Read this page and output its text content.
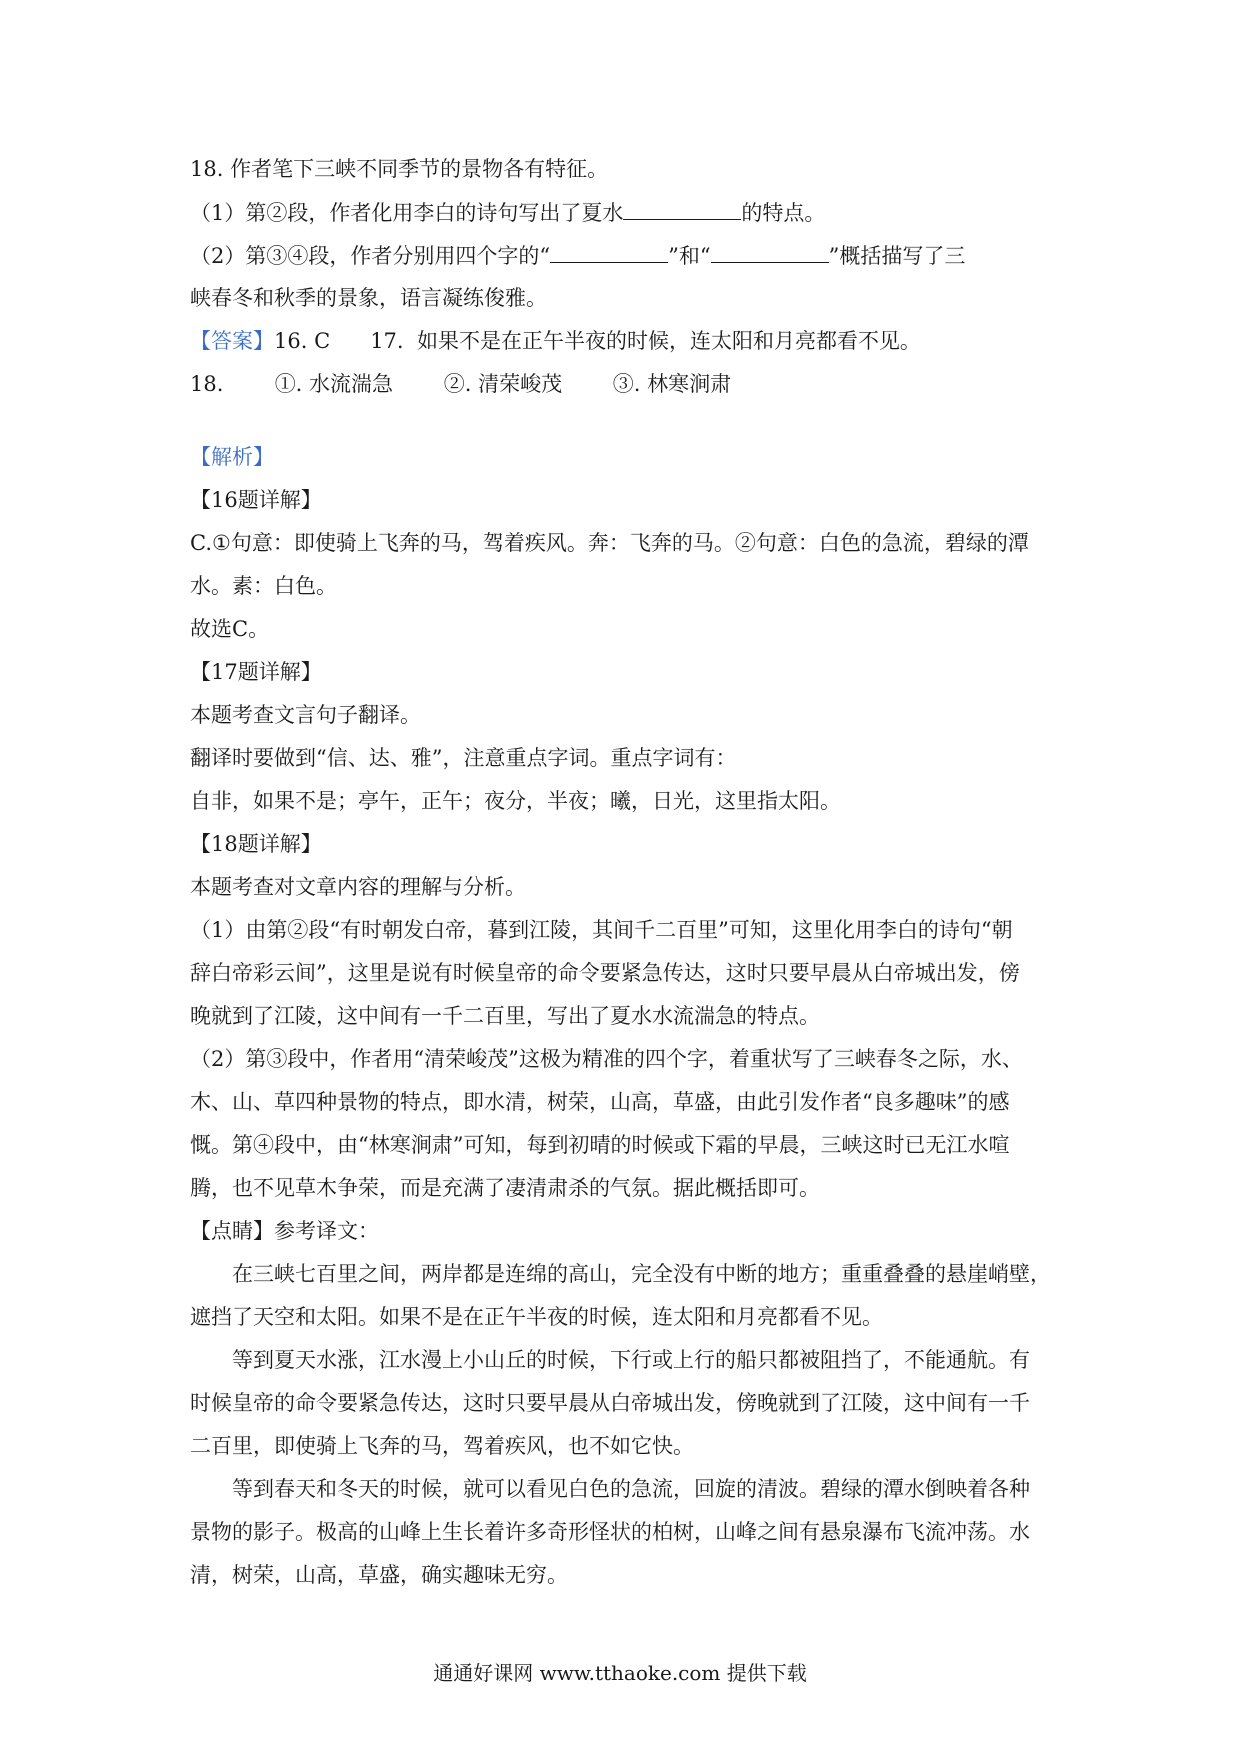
18. 作者笔下三峡不同季节的景物各有特征。
（1）第②段，作者化用李白的诗句写出了夏水	的特点。
（2）第③④段，作者分别用四个字的“	”和“	”概括描写了三
峡春冬和秋季的景象，语言凝练俊雅。
【答案】16. C      17.  如果不是在正午半夜的时候，连太阳和月亮都看不见。
18. ①. 水流湍急 ②. 清荣峻茂 ③. 林寒涧肃
【解析】
【16题详解】
C.①句意：即使骑上飞奔的马，驾着疾风。奔：飞奔的马。②句意：白色的急流，碧绿的潭
水。素：白色。
故选C。
【17题详解】
本题考查文言句子翻译。
翻译时要做到“信、达、雅”，注意重点字词。重点字词有：
自非，如果不是；亭午，正午；夜分，半夜；曦，日光，这里指太阳。
【18题详解】
本题考查对文章内容的理解与分析。
（1）由第②段“有时朝发白帝，暮到江陵，其间千二百里”可知，这里化用李白的诗句“朝
辞白帝彩云间”，这里是说有时候皇帝的命令要紧急传达，这时只要早晨从白帝城出发，傍
晚就到了江陵，这中间有一千二百里，写出了夏水水流湍急的特点。
（2）第③段中，作者用“清荣峻茂”这极为精准的四个字，着重状写了三峡春冬之际，水、
木、山、草四种景物的特点，即水清，树荣，山高，草盛，由此引发作者“良多趣味”的感
慨。第④段中，由“林寒涧肃”可知，每到初晴的时候或下霜的早晨，三峡这时已无江水喧
腾，也不见草木争荣，而是充满了凄清肃杀的气氛。据此概括即可。
【点睛】参考译文：
在三峡七百里之间，两岸都是连绵的高山，完全没有中断的地方；重重叠叠的悬崖峭壁，
遮挡了天空和太阳。如果不是在正午半夜的时候，连太阳和月亮都看不见。
等到夏天水涨，江水漫上小山丘的时候，下行或上行的船只都被阻挡了，不能通航。有
时候皇帝的命令要紧急传达，这时只要早晨从白帝城出发，傍晚就到了江陵，这中间有一千
二百里，即使骑上飞奔的马，驾着疾风，也不如它快。
等到春天和冬天的时候，就可以看见白色的急流，回旋的清波。碧绿的潭水倒映着各种
景物的影子。极高的山峰上生长着许多奇形怪状的柏树，山峰之间有悬泉瀑布飞流冲荡。水
清，树荣，山高，草盛，确实趣味无穷。
通通好课网 www.tthaoke.com 提供下载
